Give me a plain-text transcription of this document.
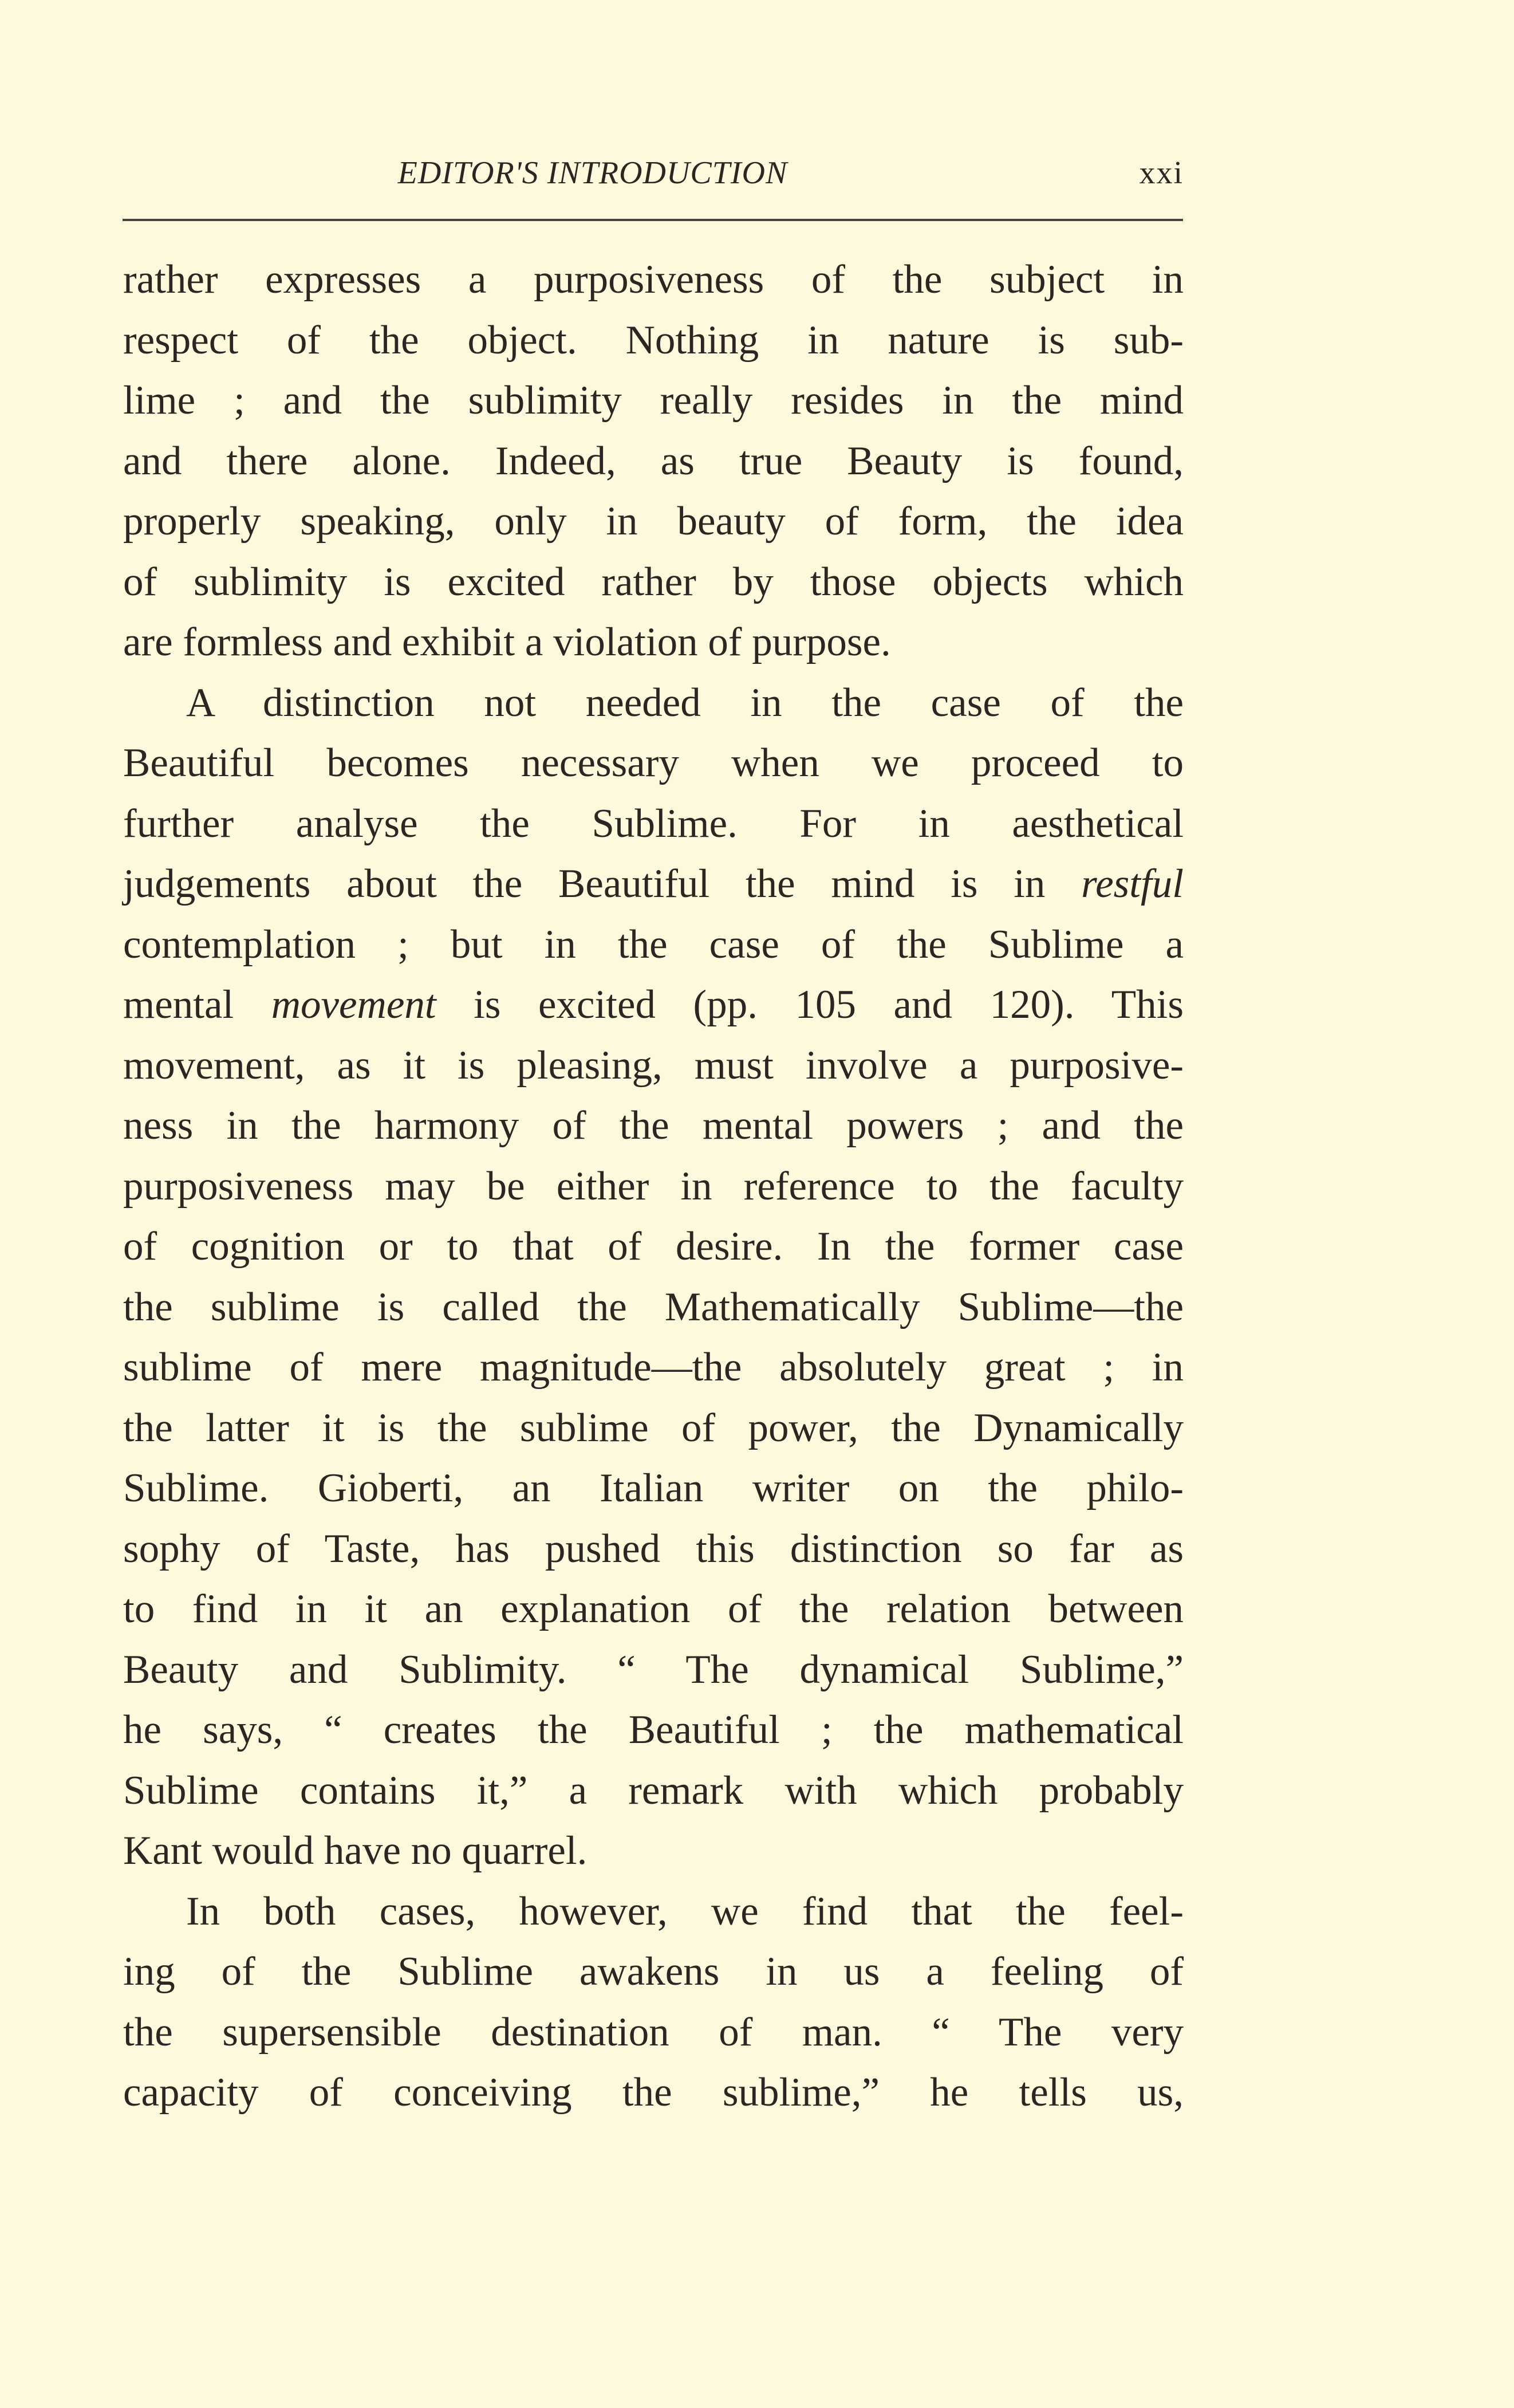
EDITOR'S INTRODUCTION	xxi
rather expresses a purposiveness of the subject in
respect of the object. Nothing in nature is sub-
lime ; and the sublimity really resides in the mind
and there alone. Indeed, as true Beauty is found,
properly speaking, only in beauty of form, the idea
of sublimity is excited rather by those objects which
are formless and exhibit a violation of purpose.
A distinction not needed in the case of the
Beautiful becomes necessary when we proceed to
further analyse the Sublime. For in aesthetical
judgements about the Beautiful the mind is in restful
contemplation ; but in the case of the Sublime a
mental movement is excited (pp. 105 and 120). This
movement, as it is pleasing, must involve a purposive-
ness in the harmony of the mental powers ; and the
purposiveness may be either in reference to the faculty
of cognition or to that of desire. In the former case
the sublime is called the Mathematically Sublime—the
sublime of mere magnitude—the absolutely great ; in
the latter it is the sublime of power, the Dynamically
Sublime. Gioberti, an Italian writer on the philo-
sophy of Taste, has pushed this distinction so far as
to find in it an explanation of the relation between
Beauty and Sublimity. “ The dynamical Sublime,”
he says, “ creates the Beautiful ; the mathematical
Sublime contains it,” a remark with which probably
Kant would have no quarrel.
In both cases, however, we find that the feel-
ing of the Sublime awakens in us a feeling of
the supersensible destination of man. “ The very
capacity of conceiving the sublime,” he tells us,
